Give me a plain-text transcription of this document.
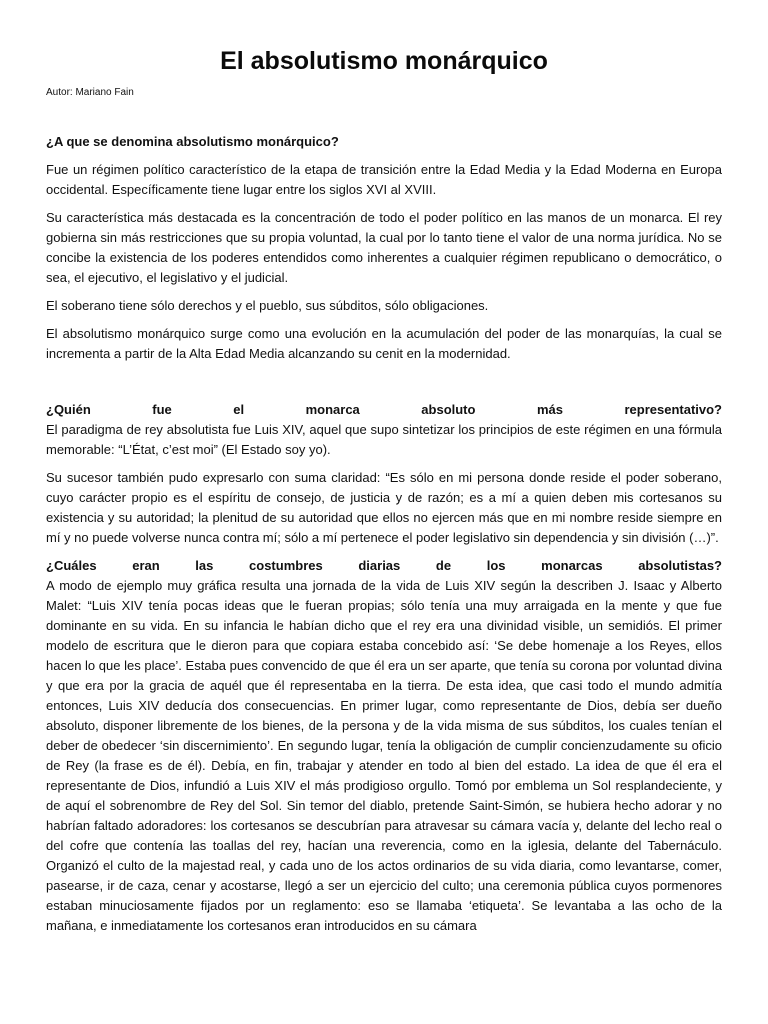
El absolutismo monárquico
Autor: Mariano Fain
¿A que se denomina absolutismo monárquico?

Fue un régimen político característico de la etapa de transición entre la Edad Media y la Edad Moderna en Europa occidental. Específicamente tiene lugar entre los siglos XVI al XVIII.

Su característica más destacada es la concentración de todo el poder político en las manos de un monarca. El rey gobierna sin más restricciones que su propia voluntad, la cual por lo tanto tiene el valor de una norma jurídica. No se concibe la existencia de los poderes entendidos como inherentes a cualquier régimen republicano o democrático, o sea, el ejecutivo, el legislativo y el judicial.

El soberano tiene sólo derechos y el pueblo, sus súbditos, sólo obligaciones.

El absolutismo monárquico surge como una evolución en la acumulación del poder de las monarquías, la cual se incrementa a partir de la Alta Edad Media alcanzando su cenit en la modernidad.

¿Quién fue el monarca absoluto más representativo?

El paradigma de rey absolutista fue Luis XIV, aquel que supo sintetizar los principios de este régimen en una fórmula memorable: “L’État, c’est moi” (El Estado soy yo).

Su sucesor también pudo expresarlo con suma claridad: “Es sólo en mi persona donde reside el poder soberano, cuyo carácter propio es el espíritu de consejo, de justicia y de razón; es a mí a quien deben mis cortesanos su existencia y su autoridad; la plenitud de su autoridad que ellos no ejercen más que en mi nombre reside siempre en mí y no puede volverse nunca contra mí; sólo a mí pertenece el poder legislativo sin dependencia y sin división (…)”.

¿Cuáles eran las costumbres diarias de los monarcas absolutistas?

A modo de ejemplo muy gráfica resulta una jornada de la vida de Luis XIV según la describen J. Isaac y Alberto Malet: “Luis XIV tenía pocas ideas que le fueran propias; sólo tenía una muy arraigada en la mente y que fue dominante en su vida. En su infancia le habían dicho que el rey era una divinidad visible, un semidiós. El primer modelo de escritura que le dieron para que copiara estaba concebido así: ‘Se debe homenaje a los Reyes, ellos hacen lo que les place’. Estaba pues convencido de que él era un ser aparte, que tenía su corona por voluntad divina y que era por la gracia de aquél que él representaba en la tierra. De esta idea, que casi todo el mundo admitía entonces, Luis XIV deducía dos consecuencias. En primer lugar, como representante de Dios, debía ser dueño absoluto, disponer libremente de los bienes, de la persona y de la vida misma de sus súbditos, los cuales tenían el deber de obedecer ‘sin discernimiento’. En segundo lugar, tenía la obligación de cumplir concienzudamente su oficio de Rey (la frase es de él). Debía, en fin, trabajar y atender en todo al bien del estado. La idea de que él era el representante de Dios, infundió a Luis XIV el más prodigioso orgullo. Tomó por emblema un Sol resplandeciente, y de aquí el sobrenombre de Rey del Sol. Sin temor del diablo, pretende Saint-Simón, se hubiera hecho adorar y no habrían faltado adoradores: los cortesanos se descubrían para atravesar su cámara vacía y, delante del lecho real o del cofre que contenía las toallas del rey, hacían una reverencia, como en la iglesia, delante del Tabernáculo. Organizó el culto de la majestad real, y cada uno de los actos ordinarios de su vida diaria, como levantarse, comer, pasearse, ir de caza, cenar y acostarse, llegó a ser un ejercicio del culto; una ceremonia pública cuyos pormenores estaban minuciosamente fijados por un reglamento: eso se llamaba ‘etiqueta’. Se levantaba a las ocho de la mañana, e inmediatamente los cortesanos eran introducidos en su cámara
